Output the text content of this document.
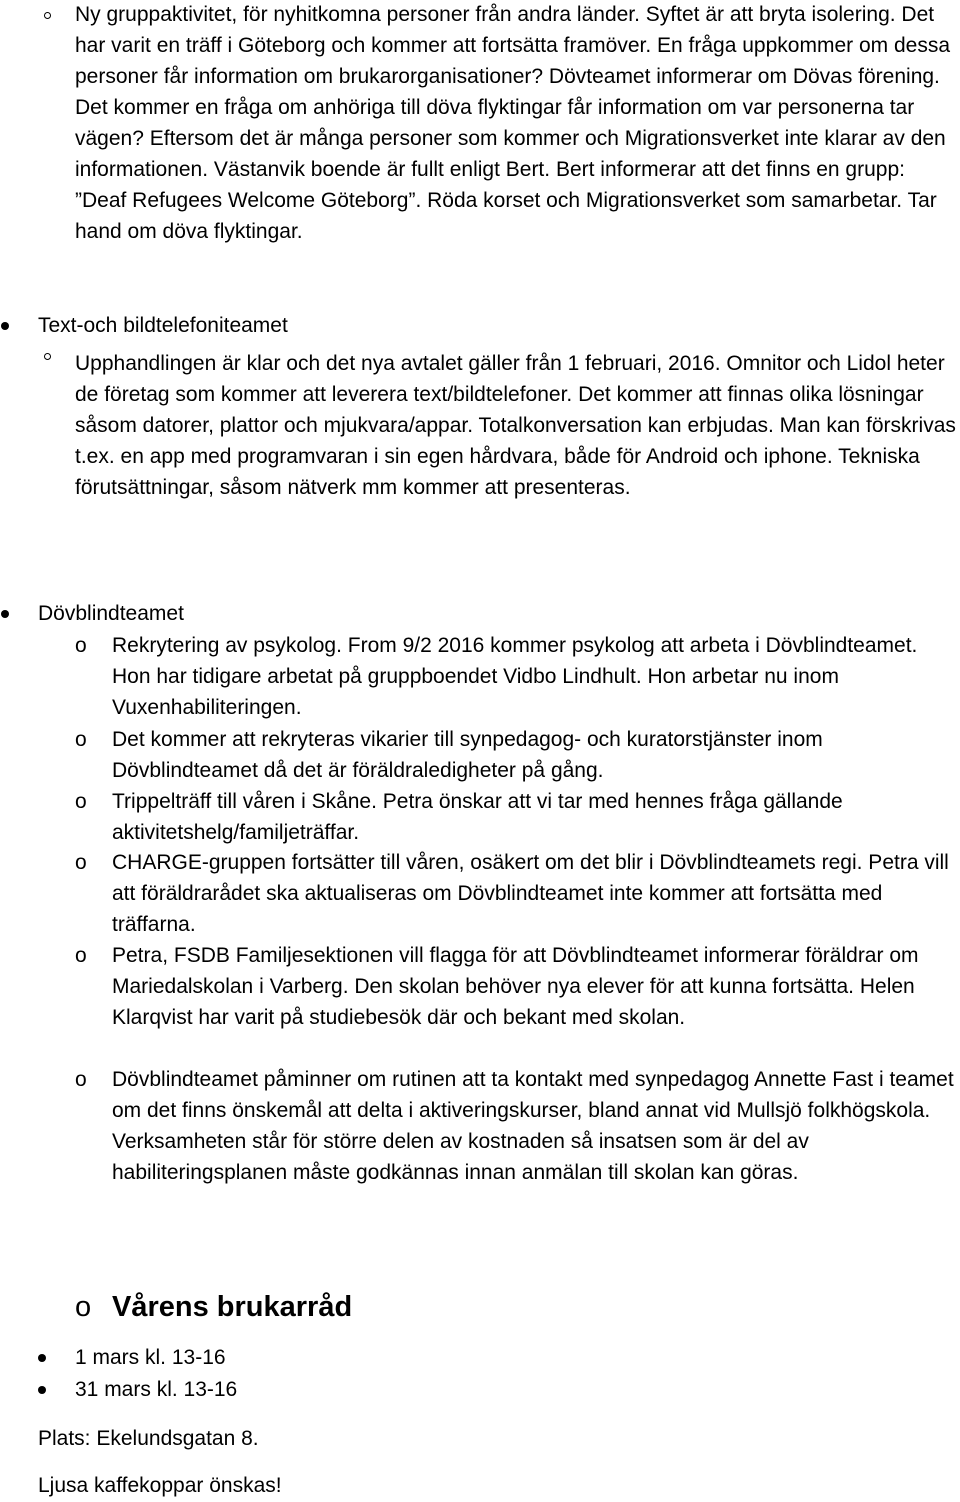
Ny gruppaktivitet, för nyhitkomna personer från andra länder. Syftet är att bryta isolering. Det har varit en träff i Göteborg och kommer att fortsätta framöver. En fråga uppkommer om dessa personer får information om brukarorganisationer? Dövteamet informerar om Dövas förening. Det kommer en fråga om anhöriga till döva flyktingar får information om var personerna tar vägen? Eftersom det är många personer som kommer och Migrationsverket inte klarar av den informationen. Västanvik boende är fullt enligt Bert. Bert informerar att det finns en grupp: ”Deaf Refugees Welcome Göteborg”. Röda korset och Migrationsverket som samarbetar. Tar hand om döva flyktingar.

Text-och bildtelefoniteamet

Upphandlingen är klar och det nya avtalet gäller från 1 februari, 2016. Omnitor och Lidol heter de företag som kommer att leverera text/bildtelefoner. Det kommer att finnas olika lösningar såsom datorer, plattor och mjukvara/appar. Totalkonversation kan erbjudas. Man kan förskrivas t.ex. en app med programvaran i sin egen hårdvara, både för Android och iphone. Tekniska förutsättningar, såsom nätverk mm kommer att presenteras.

Dövblindteamet
o Rekrytering av psykolog. From 9/2 2016 kommer psykolog att arbeta i Dövblindteamet. Hon har tidigare arbetat på gruppboendet Vidbo Lindhult. Hon arbetar nu inom Vuxenhabiliteringen.

o Det kommer att rekryteras vikarier till synpedagog- och kuratorstjänster inom Dövblindteamet då det är föräldraledigheter på gång.

o Trippelträff till våren i Skåne. Petra önskar att vi tar med hennes fråga gällande aktivitetshelg/familjeträffar.

o CHARGE-gruppen fortsätter till våren, osäkert om det blir i Dövblindteamets regi. Petra vill att föräldrarådet ska aktualiseras om Dövblindteamet inte kommer att fortsätta med träffarna.

o Petra, FSDB Familjesektionen vill flagga för att Dövblindteamet informerar föräldrar om Mariedalskolan i Varberg. Den skolan behöver nya elever för att kunna fortsätta. Helen Klarqvist har varit på studiebesök där och bekant med skolan.

o Dövblindteamet påminner om rutinen att ta kontakt med synpedagog Annette Fast i teamet om det finns önskemål att delta i aktiveringskurser, bland annat vid Mullsjö folkhögskola. Verksamheten står för större delen av kostnaden så insatsen som är del av habiliteringsplanen måste godkännas innan anmälan till skolan kan göras.

o Vårens brukarråd
1 mars kl. 13-16
31 mars kl. 13-16
Plats: Ekelundsgatan 8.
Ljusa kaffekoppar önskas!
